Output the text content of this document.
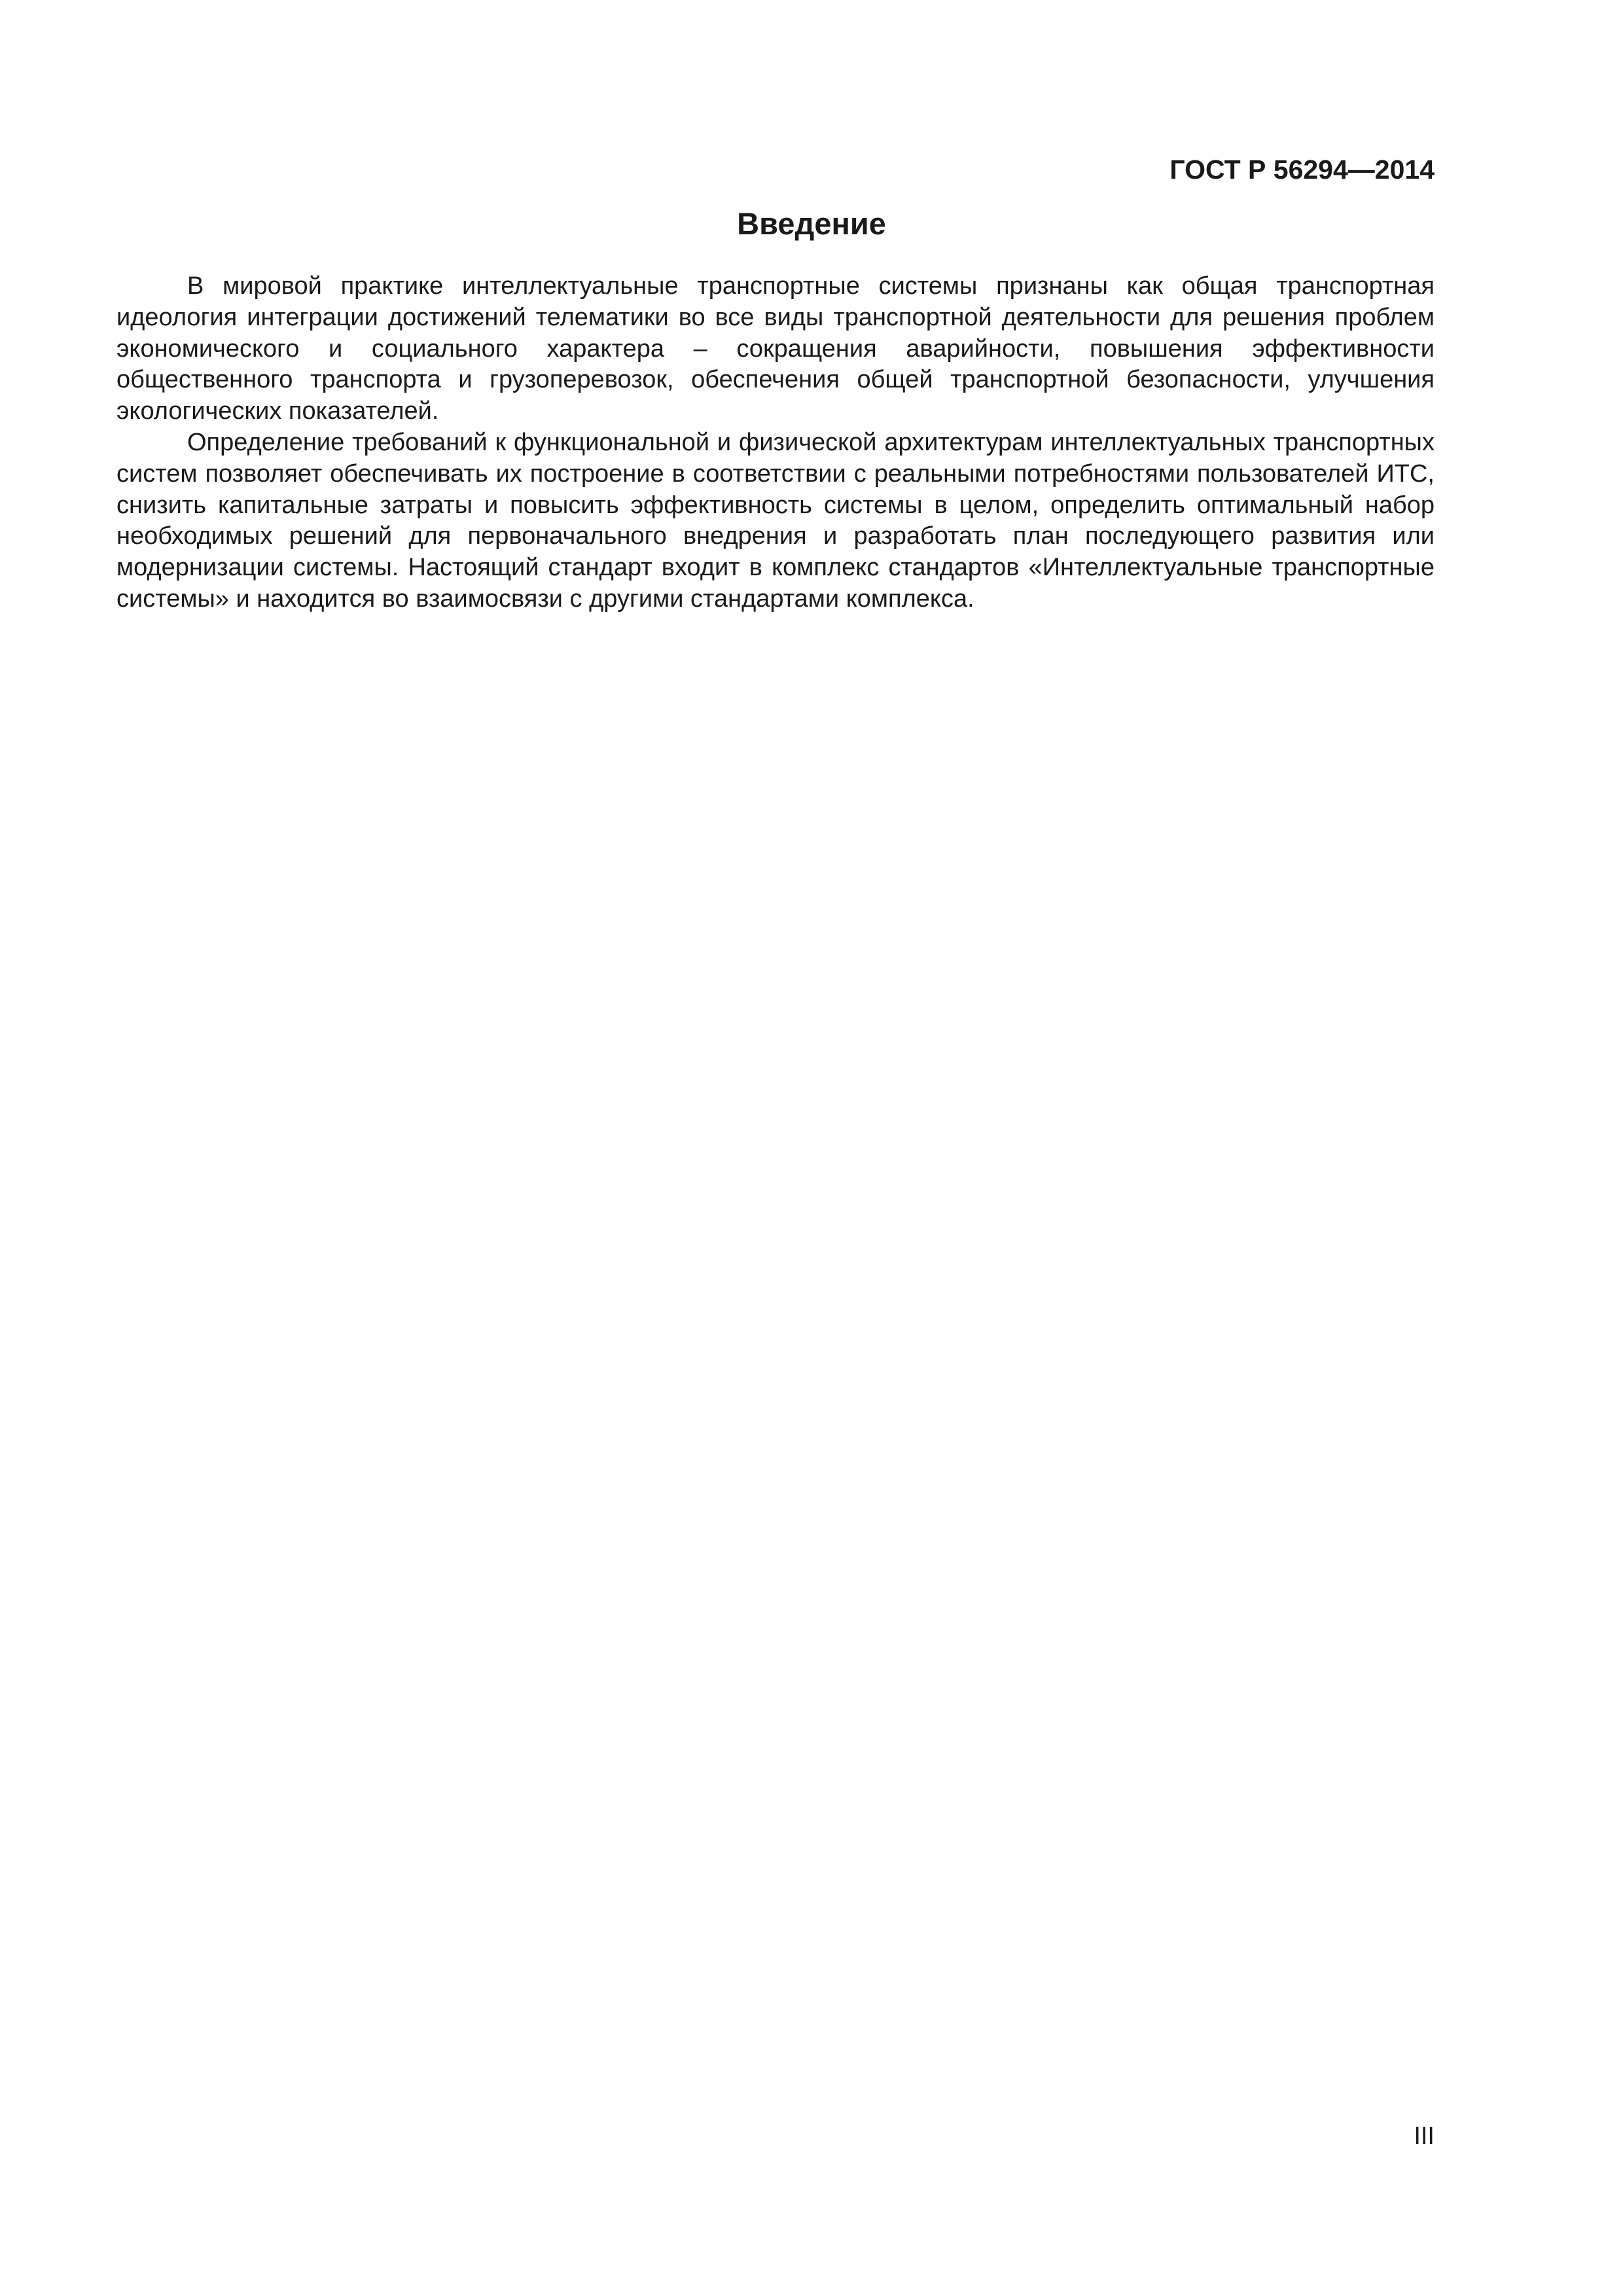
ГОСТ Р 56294—2014
Введение

В мировой практике интеллектуальные транспортные системы признаны как общая транспортная идеология интеграции достижений телематики во все виды транспортной деятельности для решения проблем экономического и социального характера – сокращения аварийности, повышения эффективности общественного транспорта и грузоперевозок, обеспечения общей транспортной безопасности, улучшения экологических показателей.

Определение требований к функциональной и физической архитектурам интеллектуальных транспортных систем позволяет обеспечивать их построение в соответствии с реальными потребностями пользователей ИТС, снизить капитальные затраты и повысить эффективность системы в целом, определить оптимальный набор необходимых решений для первоначального внедрения и разработать план последующего развития или модернизации системы. Настоящий стандарт входит в комплекс стандартов «Интеллектуальные транспортные системы» и находится во взаимосвязи с другими стандартами комплекса.

III
